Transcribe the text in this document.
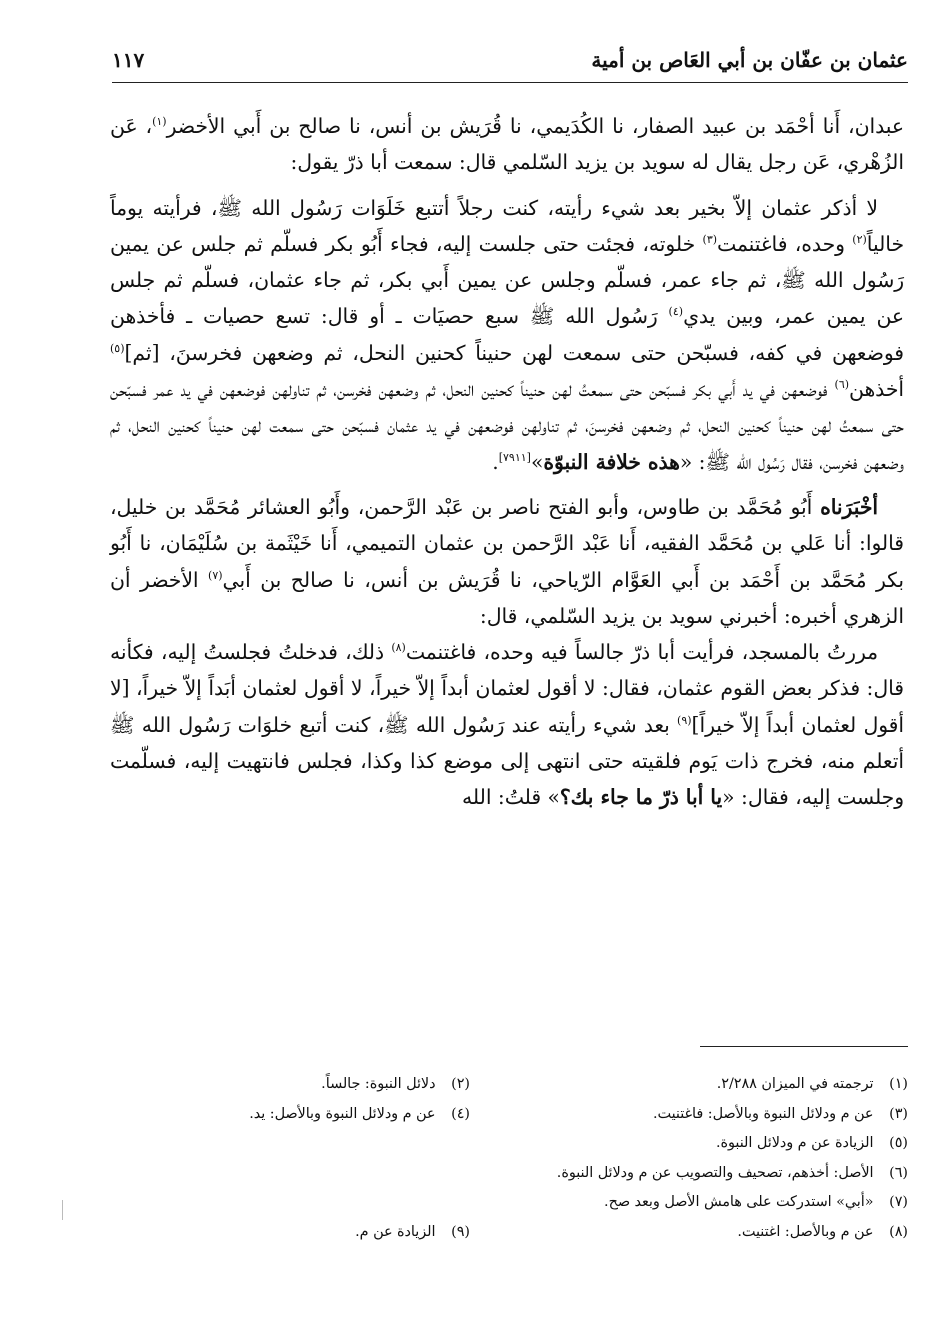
عثمان بن عفّان بن أبي العَاص بن أمية
١١٧

عبدان، أَنا أحْمَد بن عبيد الصفار، نا الكُدَيمي، نا قُرَيش بن أنس، نا صالح بن أَبي الأخضر$^{(١)}$، عَن الزُهْري، عَن رجل يقال له سويد بن يزيد السّلمي قال: سمعت أبا ذرّ يقول:

لا أذكر عثمان إلاّ بخير بعد شيء رأيته، كنت رجلاً أتتبع خَلَوَات رَسُول الله ﷺ، فرأيته يوماً خالياً$^{(٢)}$ وحده، فاغتنمت$^{(٣)}$ خلوته، فجئت حتى جلست إليه، فجاء أَبُو بكر فسلّم ثم جلس عن يمين رَسُول الله ﷺ، ثم جاء عمر، فسلّم وجلس عن يمين أَبي بكر، ثم جاء عثمان، فسلّم ثم جلس عن يمين عمر، وبين يدي$^{(٤)}$ رَسُول الله ﷺ سبع حصيَات ـ أو قال: تسع حصيات ـ فأخذهن فوضعهن في كفه، فسبّحن حتى سمعت لهن حنيناً كحنين النحل، ثم وضعهن فخرسنَ، [ثم]$^{(٥)}$ أخذهن$^{(٦)}$ فوضعهن في يد أَبي بكر فسبّحن حتى سمعتُ لهن حنيناً كحنين النحل، ثم وضعهن فخرسن، ثم تناولهن فوضعهن في يد عمر فسبّحن حتى سمعتُ لهن حنيناً كحنين النحل، ثم وضعهن فخرسنَ، ثم تناولهن فوضعهن في يد عثمان فسبّحن حتى سمعت لهن حنيناً كحنين النحل، ثم وضعهن فخرسن، فقال رَسُول الله ﷺ: «هذه خلافة النبوّة»[٧٩١١].

أخْبَرَناه أَبُو مُحَمَّد بن طاوس، وأبو الفتح ناصر بن عَبْد الرَّحمن، وأَبُو العشائر مُحَمَّد بن خليل، قالوا: أنا عَلي بن مُحَمَّد الفقيه، أَنا عَبْد الرَّحمن بن عثمان التميمي، أَنا خَيْثَمة بن سُلَيْمَان، نا أَبُو بكر مُحَمَّد بن أَحْمَد بن أَبي العَوَّام الرّياحي، نا قُرَيش بن أنس، نا صالح بن أَبي$^{(٧)}$ الأخضر أن الزهري أخبره: أخبرني سويد بن يزيد السّلمي، قال:

مررتُ بالمسجد، فرأيت أبا ذرّ جالساً فيه وحده، فاغتنمت$^{(٨)}$ ذلك، فدخلتُ فجلستُ إليه، فكأنه قال: فذكر بعض القوم عثمان، فقال: لا أقول لعثمان أبداً إلاّ خيراً، لا أقول لعثمان أبَداً إلاّ خيراً، [لا أقول لعثمان أبداً إلاّ خيراً]$^{(٩)}$ بعد شيء رأيته عند رَسُول الله ﷺ، كنت أتبع خلوَات رَسُول الله ﷺ أتعلم منه، فخرج ذات يَوم فلقيته حتى انتهى إلى موضع كذا وكذا، فجلس فانتهيت إليه، فسلّمت وجلست إليه، فقال: «يا أبا ذرّ ما جاء بك؟» قلتُ: الله

(١) ترجمته في الميزان ٢/٢٨٨.
(٢) دلائل النبوة: جالساً.
(٣) عن م ودلائل النبوة وبالأصل: فاغتنيت.
(٤) عن م ودلائل النبوة وبالأصل: يد.
(٥) الزيادة عن م ودلائل النبوة.
(٦) الأصل: أخذهم، تصحيف والتصويب عن م ودلائل النبوة.
(٧) «أبي» استدركت على هامش الأصل وبعد صح.
(٨) عن م وبالأصل: اغتنيت.
(٩) الزيادة عن م.
